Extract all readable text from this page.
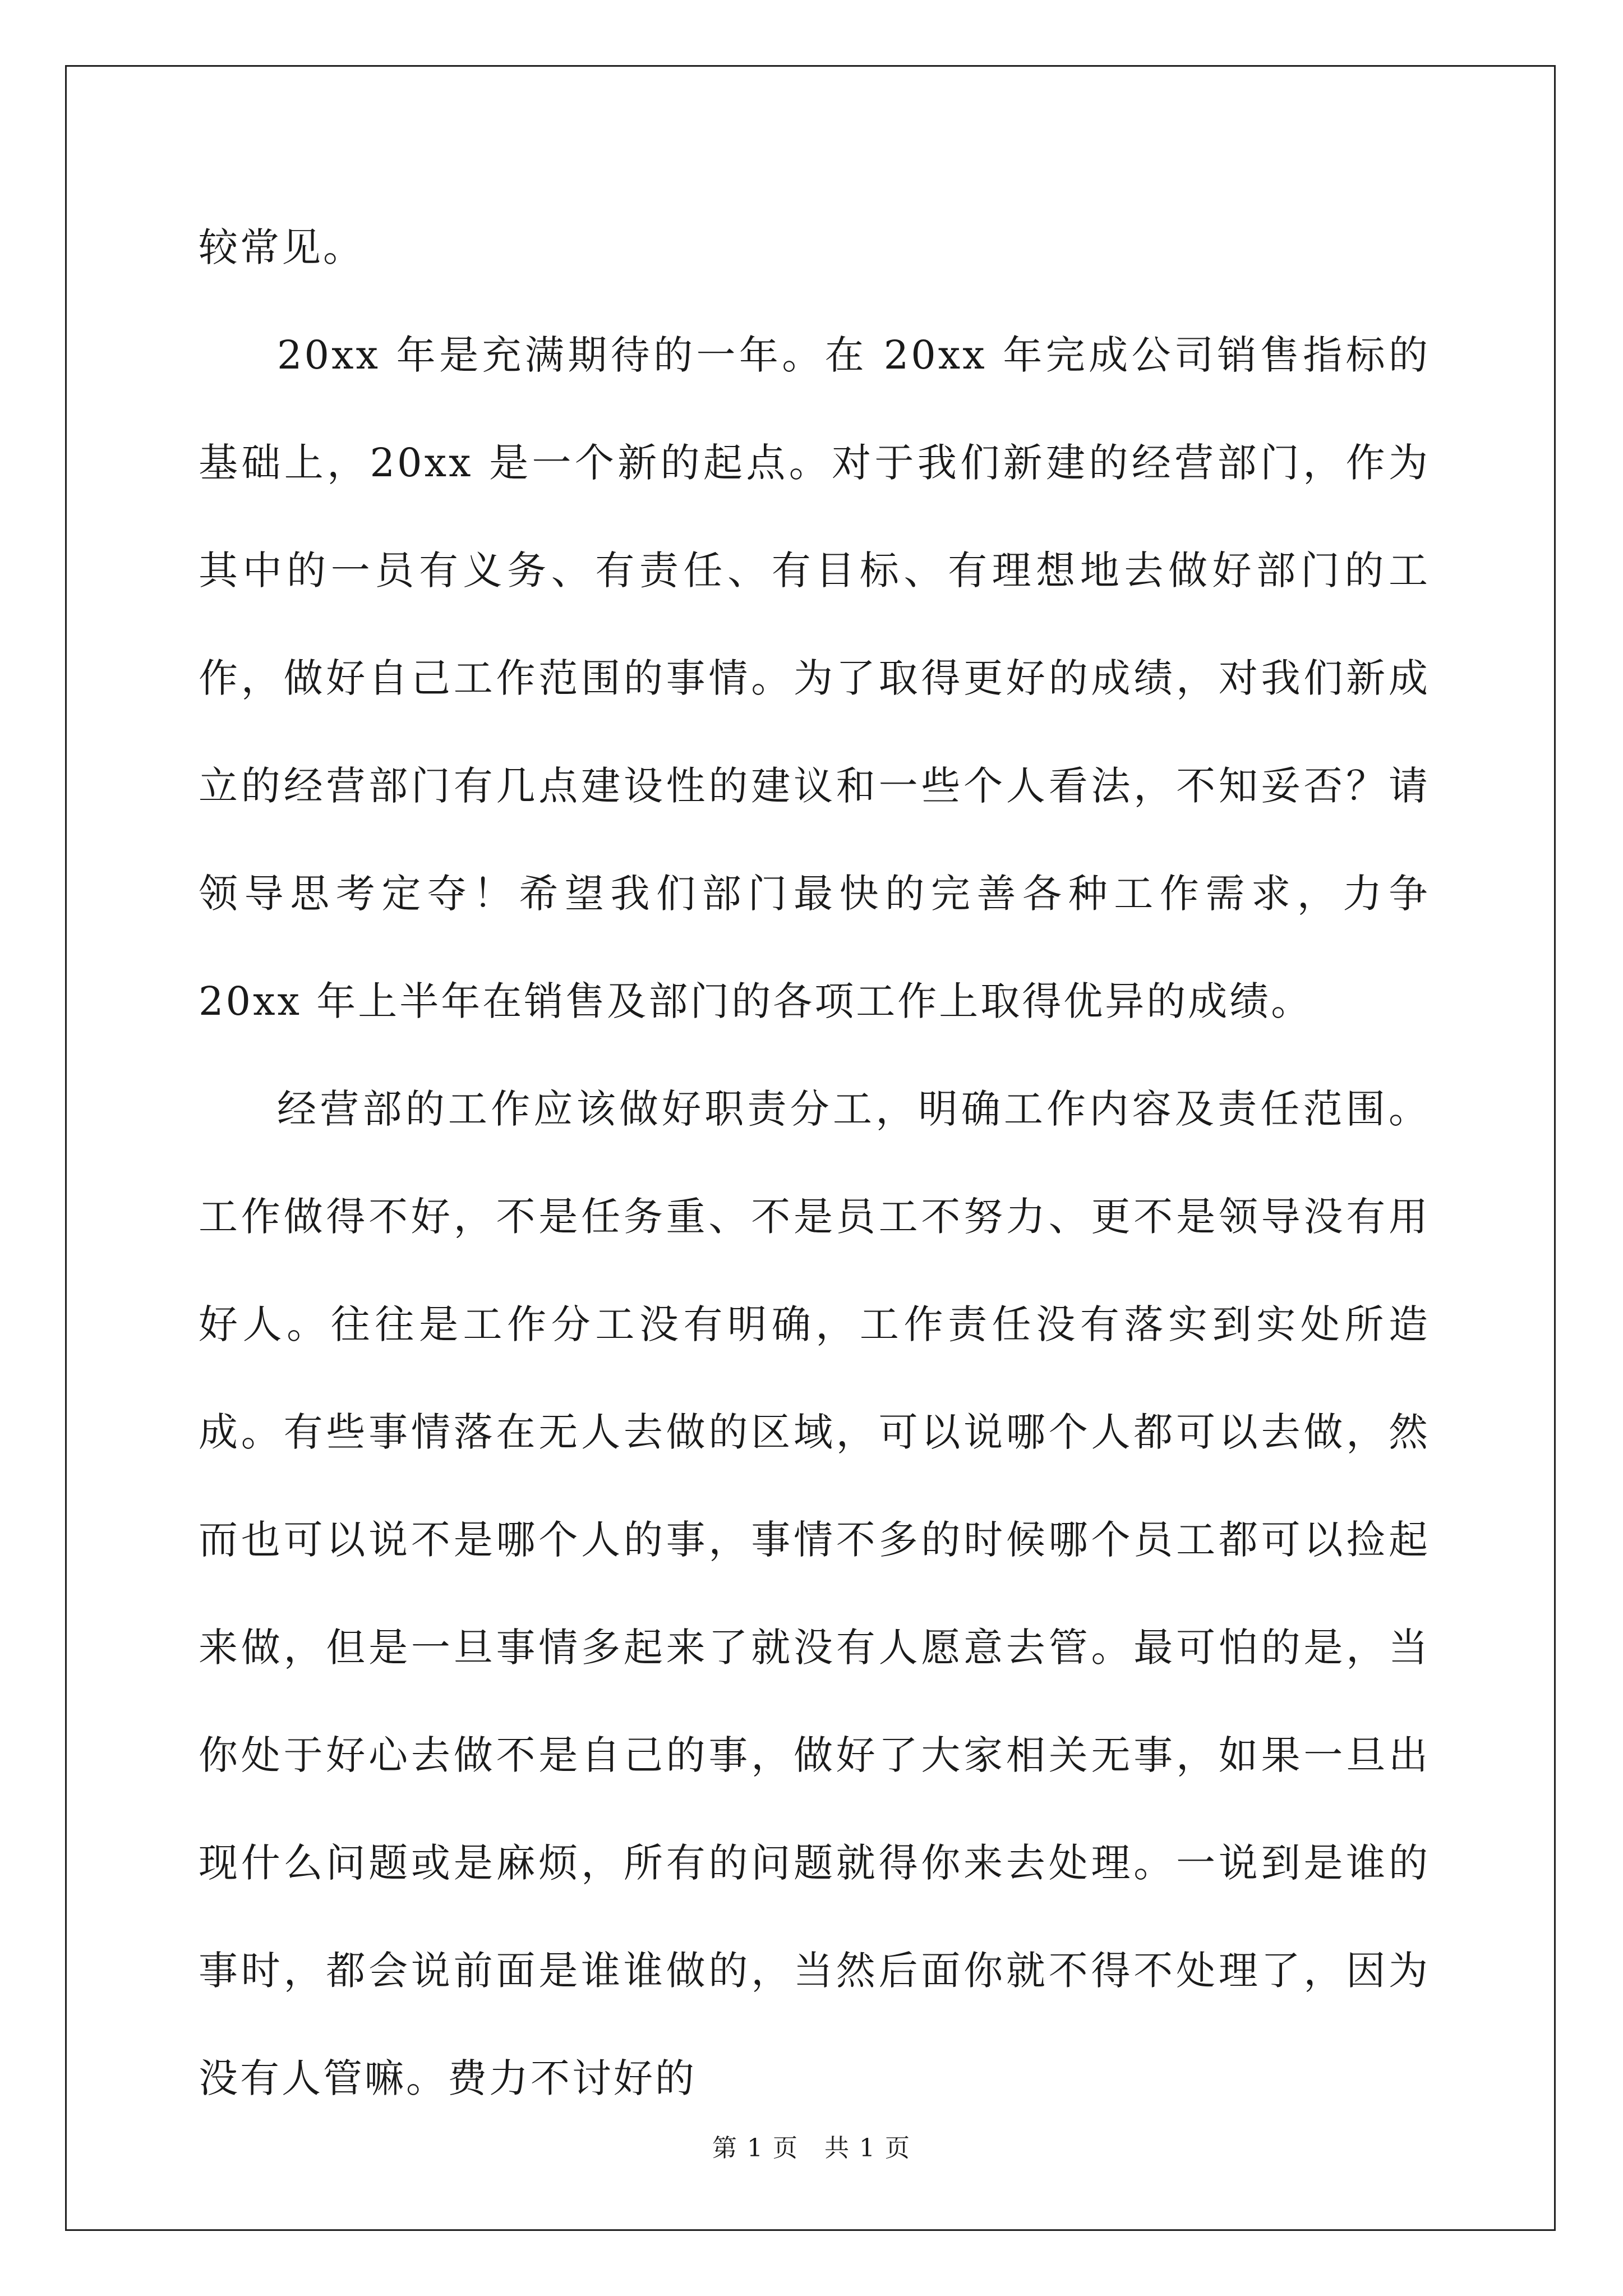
较常见。

20xx 年是充满期待的一年。在 20xx 年完成公司销售指标的基础上，20xx 是一个新的起点。对于我们新建的经营部门，作为其中的一员有义务、有责任、有目标、有理想地去做好部门的工作，做好自己工作范围的事情。为了取得更好的成绩，对我们新成立的经营部门有几点建设性的建议和一些个人看法，不知妥否？请领导思考定夺！希望我们部门最快的完善各种工作需求，力争 20xx 年上半年在销售及部门的各项工作上取得优异的成绩。

经营部的工作应该做好职责分工，明确工作内容及责任范围。工作做得不好，不是任务重、不是员工不努力、更不是领导没有用好人。往往是工作分工没有明确，工作责任没有落实到实处所造成。有些事情落在无人去做的区域，可以说哪个人都可以去做，然而也可以说不是哪个人的事，事情不多的时候哪个员工都可以捡起来做，但是一旦事情多起来了就没有人愿意去管。最可怕的是，当你处于好心去做不是自己的事，做好了大家相关无事，如果一旦出现什么问题或是麻烦，所有的问题就得你来去处理。一说到是谁的事时，都会说前面是谁谁做的，当然后面你就不得不处理了，因为没有人管嘛。费力不讨好的

第 1 页　共 1 页
